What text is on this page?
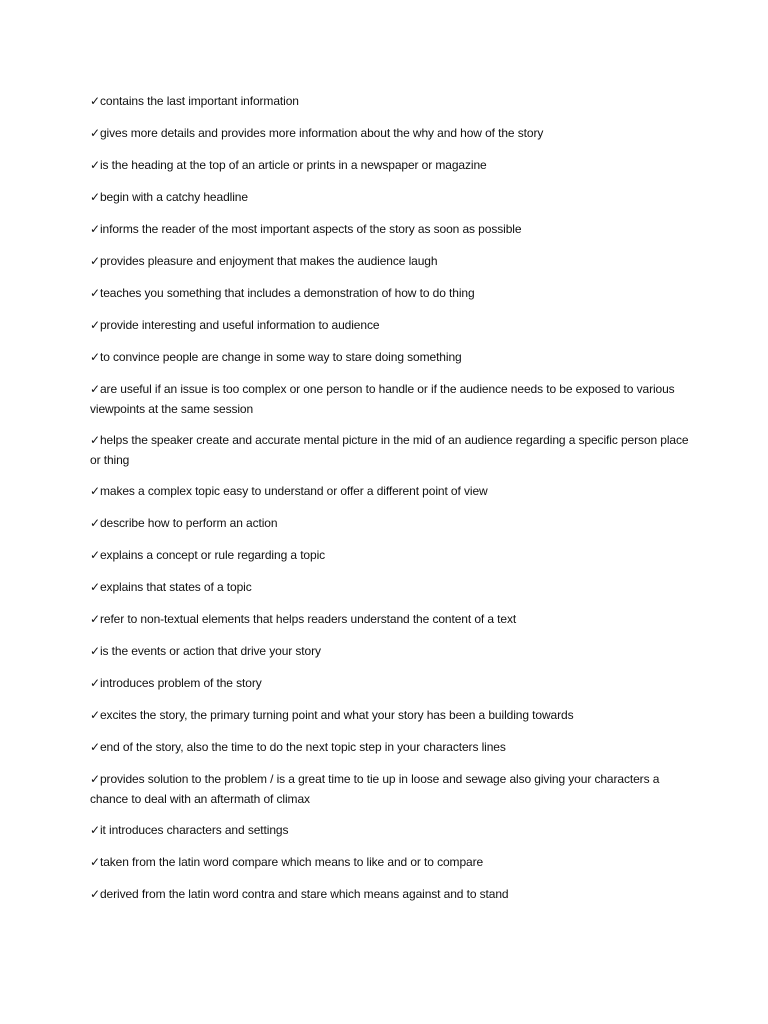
✓contains the last important information

✓gives more details and provides more information about the why and how of the story

✓is the heading at the top of an article or prints in a newspaper or magazine

✓begin with a catchy headline

✓informs the reader of the most important aspects of the story as soon as possible

✓provides pleasure and enjoyment that makes the audience laugh

✓teaches you something that includes a demonstration of how to do thing

✓provide interesting and useful information to audience

✓to convince people are change in some way to stare doing something

✓are useful if an issue is too complex or one person to handle or if the audience needs to be exposed to various viewpoints at the same session

✓helps the speaker create and accurate mental picture in the mid of an audience regarding a specific person place or thing

✓makes a complex topic easy to understand or offer a different point of view

✓describe how to perform an action

✓explains a concept or rule regarding a topic

✓explains that states of a topic

✓refer to non-textual elements that helps readers understand the content of a text

✓is the events or action that drive your story

✓introduces problem of the story

✓excites the story, the primary turning point and what your story has been a building towards

✓end of the story, also the time to do the next topic step in your characters lines

✓provides solution to the problem / is a great time to tie up in loose and sewage also giving your characters a chance to deal with an aftermath of climax

✓it introduces characters and settings

✓taken from the latin word compare which means to like and or to compare

✓derived from the latin word contra and stare which means against and to stand
